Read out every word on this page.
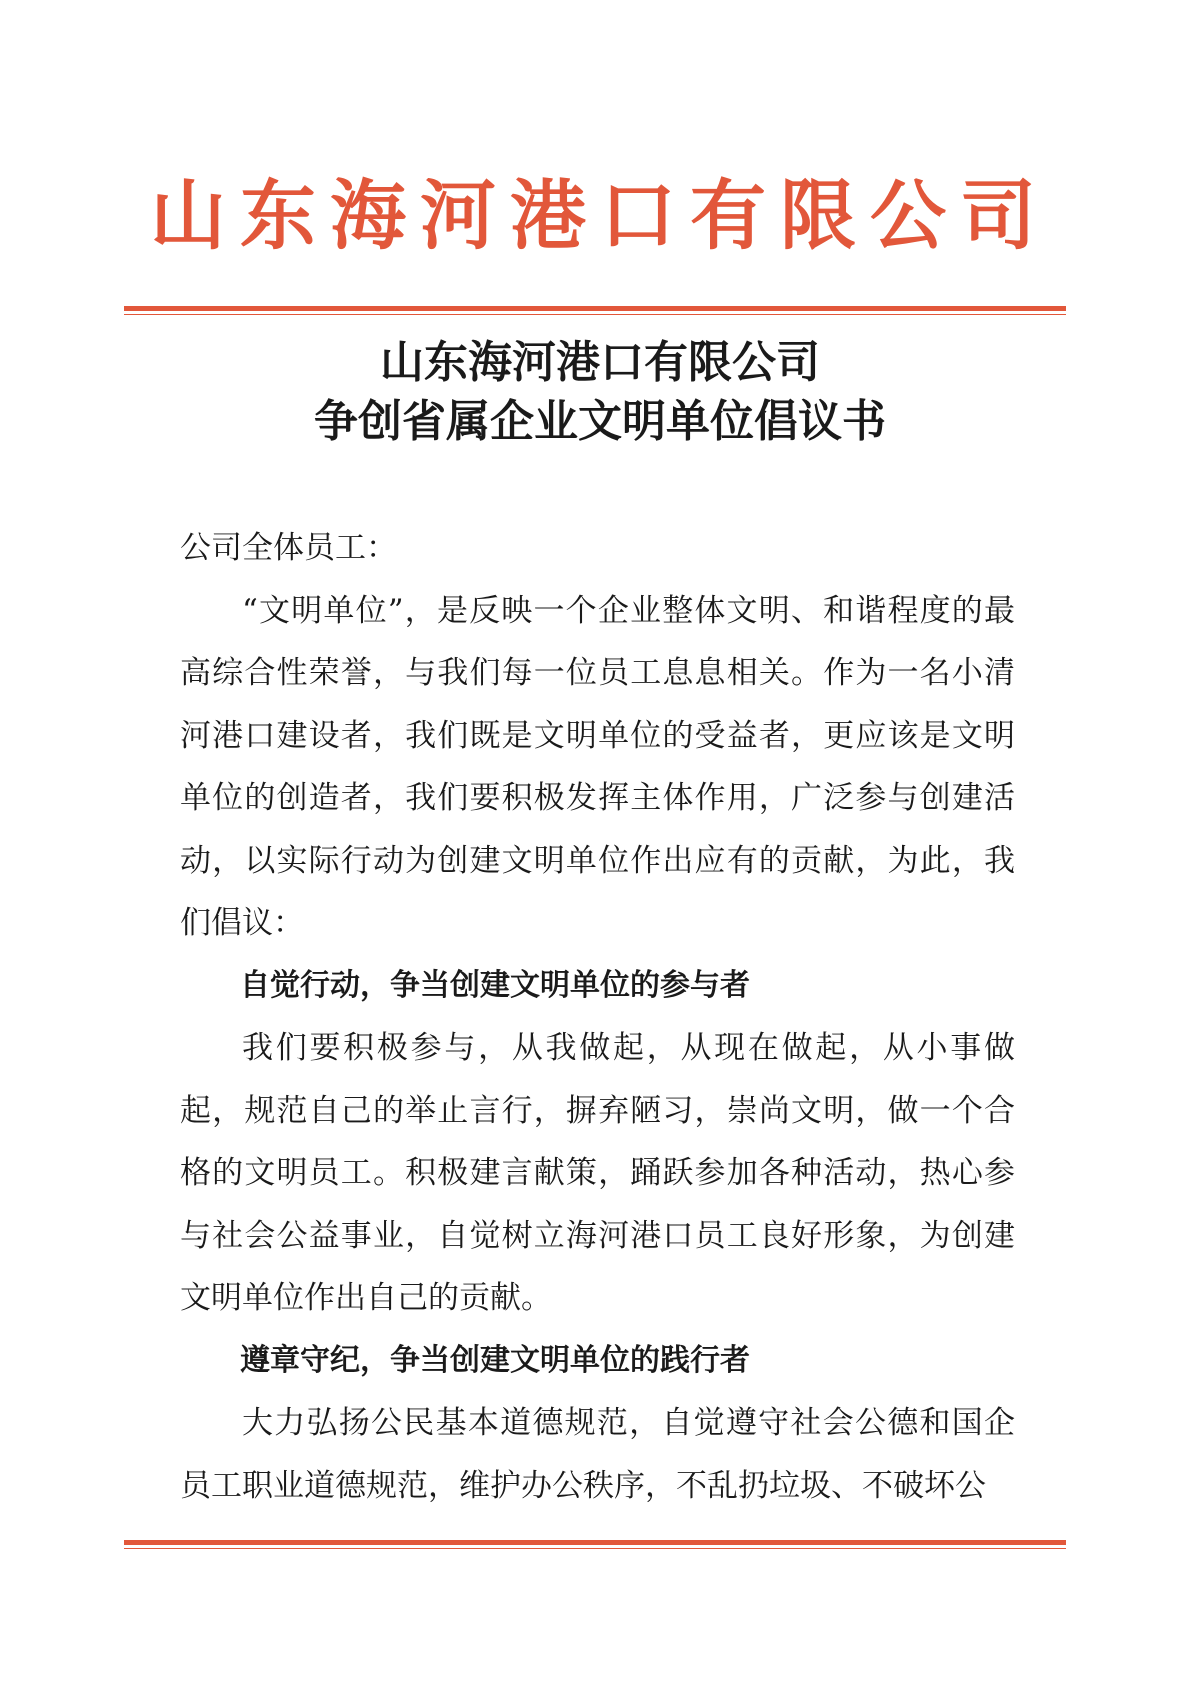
山东海河港口有限公司
山东海河港口有限公司
争创省属企业文明单位倡议书

公司全体员工：

“文明单位”，是反映一个企业整体文明、和谐程度的最高综合性荣誉，与我们每一位员工息息相关。作为一名小清河港口建设者，我们既是文明单位的受益者，更应该是文明单位的创造者，我们要积极发挥主体作用，广泛参与创建活动，以实际行动为创建文明单位作出应有的贡献，为此，我们倡议：

自觉行动，争当创建文明单位的参与者

我们要积极参与，从我做起，从现在做起，从小事做起，规范自己的举止言行，摒弃陋习，崇尚文明，做一个合格的文明员工。积极建言献策，踊跃参加各种活动，热心参与社会公益事业，自觉树立海河港口员工良好形象，为创建文明单位作出自己的贡献。

遵章守纪，争当创建文明单位的践行者

大力弘扬公民基本道德规范，自觉遵守社会公德和国企员工职业道德规范，维护办公秩序，不乱扔垃圾、不破坏公
